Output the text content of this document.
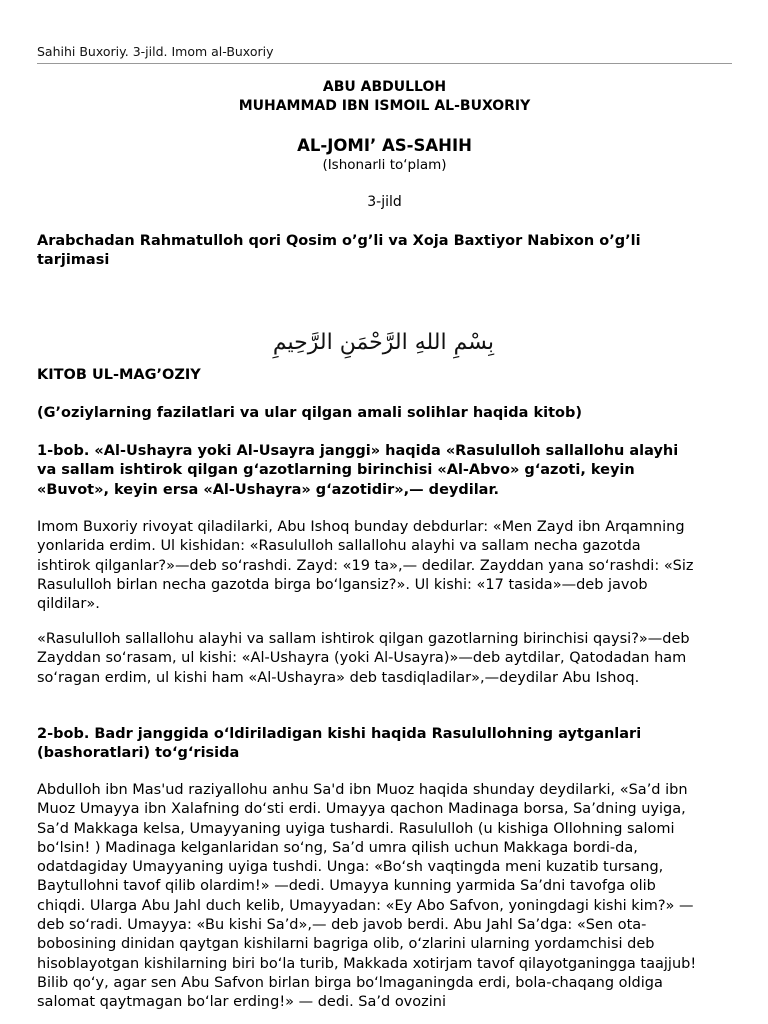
Sahihi Buxoriy. 3-jild. Imom al-Buxoriy
ABU ABDULLOH
MUHAMMAD IBN ISMOIL AL-BUXORIY
AL-JOMI’ AS-SAHIH
(Ishonarli to‘plam)
3-jild

Arabchadan Rahmatulloh qori Qosim o’g’li va Xoja Baxtiyor Nabixon o’g’li tarjimasi

بِسْمِ اللهِ الرَّحْمَنِ الرَّحِيمِ

KITOB UL-MAG’OZIY

(G’oziylarning fazilatlari va ular qilgan amali solihlar haqida kitob)

1-bob. «Al-Ushayra yoki Al-Usayra janggi» haqida «Rasululloh sallallohu alayhi va sallam ishtirok qilgan g‘azotlarning birinchisi «Al-Abvo» g‘azoti, keyin «Buvot», keyin ersa «Al-Ushayra» g‘azotidir»,— deydilar.

Imom Buxoriy rivoyat qiladilarki, Abu Ishoq bunday debdurlar: «Men Zayd ibn Arqamning yonlarida erdim. Ul kishidan: «Rasululloh sallallohu alayhi va sallam necha gazotda ishtirok qilganlar?»—deb so‘rashdi. Zayd: «19 ta»,— dedilar. Zayddan yana so‘rashdi: «Siz Rasululloh birlan necha gazotda birga bo‘lgansiz?». Ul kishi: «17 tasida»—deb javob qildilar».

«Rasululloh sallallohu alayhi va sallam ishtirok qilgan gazotlarning birinchisi qaysi?»—deb Zayddan so‘rasam, ul kishi: «Al-Ushayra (yoki Al-Usayra)»—deb aytdilar, Qatodadan ham so‘ragan erdim, ul kishi ham «Al-Ushayra» deb tasdiqladilar»,—deydilar Abu Ishoq.

2-bob. Badr janggida o‘ldiriladigan kishi haqida Rasulullohning aytganlari (bashoratlari) to‘g‘risida

Abdulloh ibn Mas'ud raziyallohu anhu Sa'd ibn Muoz haqida shunday deydilarki, «Sa’d ibn Muoz Umayya ibn Xalafning do‘sti erdi. Umayya qachon Madinaga borsa, Sa’dning uyiga, Sa’d Makkaga kelsa, Umayyaning uyiga tushardi. Rasululloh (u kishiga Ollohning salomi bo‘lsin! ) Madinaga kelganlaridan so‘ng, Sa’d umra qilish uchun Makkaga bordi-da, odatdagiday Umayyaning uyiga tushdi. Unga: «Bo‘sh vaqtingda meni kuzatib tursang, Baytullohni tavof qilib olardim!» —dedi. Umayya kunning yarmida Sa’dni tavofga olib chiqdi. Ularga Abu Jahl duch kelib, Umayyadan: «Ey Abo Safvon, yoningdagi kishi kim?» — deb so‘radi. Umayya: «Bu kishi Sa’d»,— deb javob berdi. Abu Jahl Sa’dga: «Sen ota-bobosining dinidan qaytgan kishilarni bagriga olib, o‘zlarini ularning yordamchisi deb hisoblayotgan kishilarning biri bo‘la turib, Makkada xotirjam tavof qilayotganingga taajjub! Bilib qo‘y, agar sen Abu Safvon birlan birga bo‘lmaganingda erdi, bola-chaqang oldiga salomat qaytmagan bo‘lar erding!» — dedi. Sa’d ovozini
